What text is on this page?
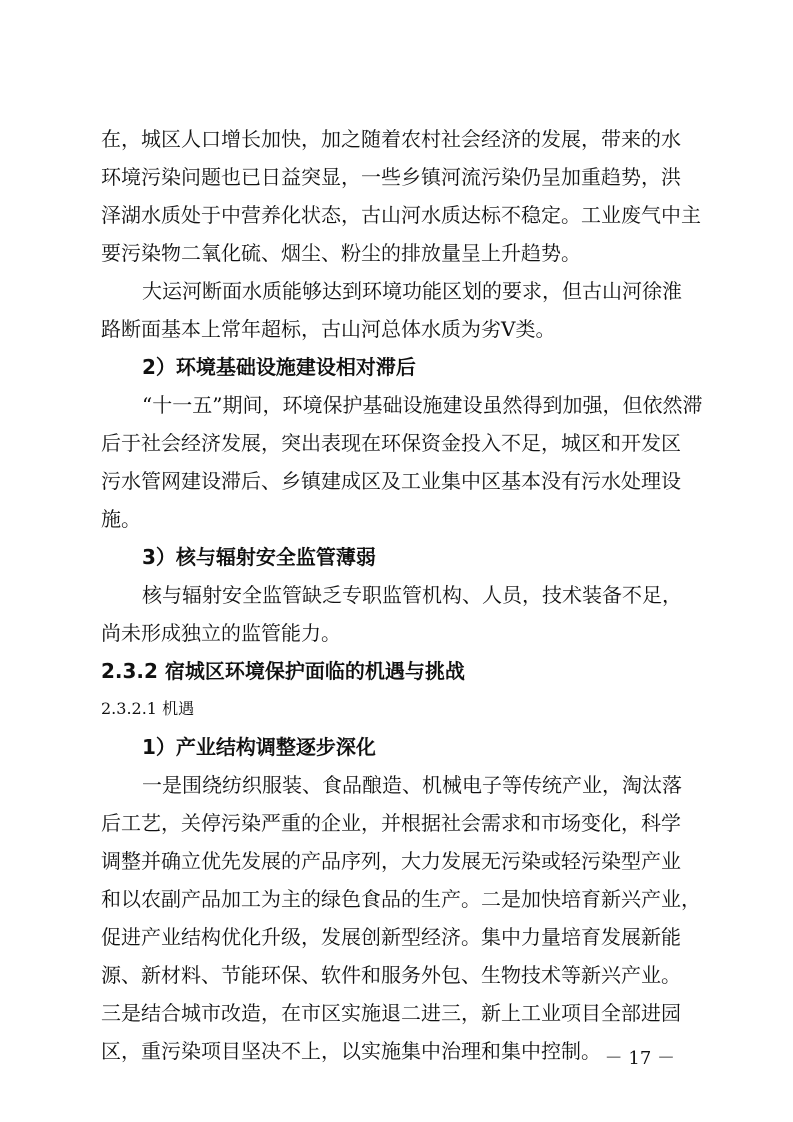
在，城区人口增长加快，加之随着农村社会经济的发展，带来的水
环境污染问题也已日益突显，一些乡镇河流污染仍呈加重趋势，洪
泽湖水质处于中营养化状态，古山河水质达标不稳定。工业废气中主
要污染物二氧化硫、烟尘、粉尘的排放量呈上升趋势。
大运河断面水质能够达到环境功能区划的要求，但古山河徐淮
路断面基本上常年超标，古山河总体水质为劣V类。
2）环境基础设施建设相对滞后
“十一五”期间，环境保护基础设施建设虽然得到加强，但依然滞
后于社会经济发展，突出表现在环保资金投入不足，城区和开发区
污水管网建设滞后、乡镇建成区及工业集中区基本没有污水处理设
施。
3）核与辐射安全监管薄弱
核与辐射安全监管缺乏专职监管机构、人员，技术装备不足，
尚未形成独立的监管能力。
2.3.2 宿城区环境保护面临的机遇与挑战
2.3.2.1 机遇
1）产业结构调整逐步深化
一是围绕纺织服装、食品酿造、机械电子等传统产业，淘汰落
后工艺，关停污染严重的企业，并根据社会需求和市场变化，科学
调整并确立优先发展的产品序列，大力发展无污染或轻污染型产业
和以农副产品加工为主的绿色食品的生产。二是加快培育新兴产业，
促进产业结构优化升级，发展创新型经济。集中力量培育发展新能
源、新材料、节能环保、软件和服务外包、生物技术等新兴产业。
三是结合城市改造，在市区实施退二进三，新上工业项目全部进园
区，重污染项目坚决不上，以实施集中治理和集中控制。 － 17 －
